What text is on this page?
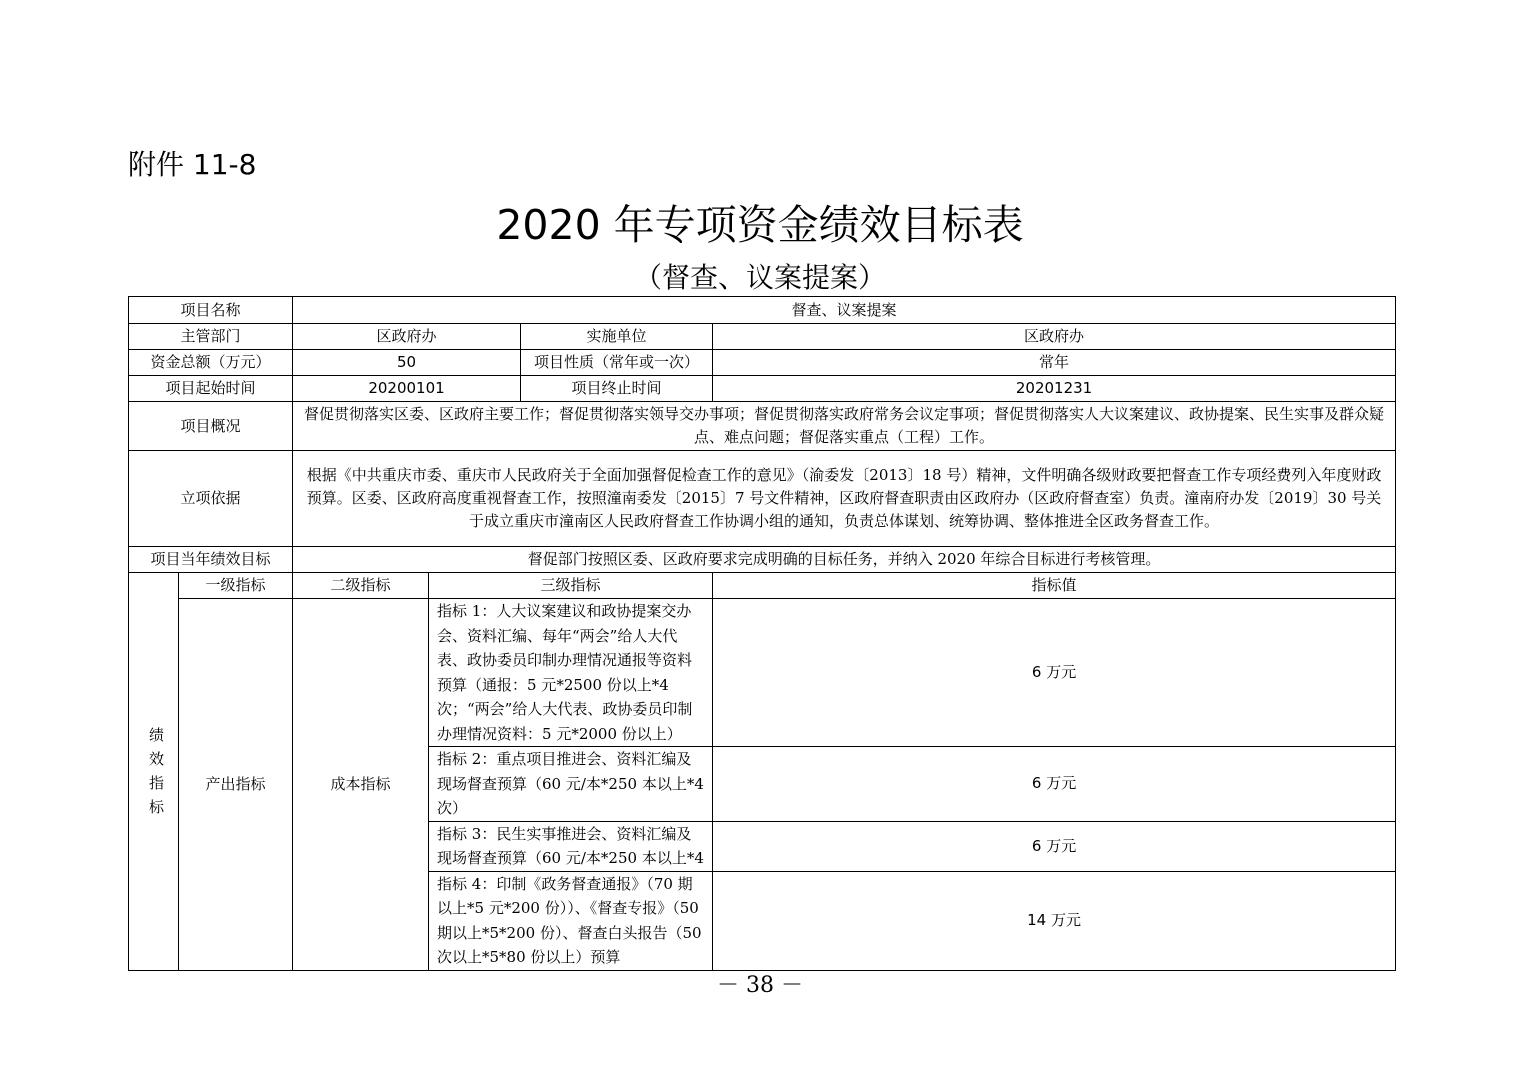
附件 11-8
2020 年专项资金绩效目标表
（督查、议案提案）
项目名称		督查、议案提案			
主管部门		区政府办		实施单位	区政府办
资金总额（万元）		50		项目性质（常年或一次）	常年
项目起始时间		20200101		项目终止时间	20201231
项目概况		督促贯彻落实区委、区政府主要工作；督促贯彻落实领导交办事项；督促贯彻落实政府常务会议定事项；督促贯彻落实人大议案建议、政协提案、民生实事及群众疑点、难点问题；督促落实重点（工程）工作。			
立项依据		根据《中共重庆市委、重庆市人民政府关于全面加强督促检查工作的意见》（渝委发〔2013〕18 号）精神，文件明确各级财政要把督查工作专项经费列入年度财政预算。区委、区政府高度重视督查工作，按照潼南委发〔2015〕7 号文件精神，区政府督查职责由区政府办（区政府督查室）负责。潼南府办发〔2019〕30 号关于成立重庆市潼南区人民政府督查工作协调小组的通知，负责总体谋划、统筹协调、整体推进全区政务督查工作。			
项目当年绩效目标		督促部门按照区委、区政府要求完成明确的目标任务，并纳入 2020 年综合目标进行考核管理。			
绩效指标	一级指标	二级指标	三级指标		指标值
	产出指标	成本指标	指标 1：人大议案建议和政协提案交办会、资料汇编、每年“两会”给人大代表、政协委员印制办理情况通报等资料预算（通报：5 元*2500 份以上*4 次；“两会”给人大代表、政协委员印制办理情况资料：5 元*2000 份以上）		6 万元
			指标 2：重点项目推进会、资料汇编及现场督查预算（60 元/本*250 本以上*4 次）		6 万元
			指标 3：民生实事推进会、资料汇编及现场督查预算（60 元/本*250 本以上*4		6 万元
			指标 4：印制《政务督查通报》（70 期以上*5 元*200 份））、《督查专报》（50 期以上*5*200 份）、督查白头报告（50 次以上*5*80 份以上）预算		14 万元
－ 38 －
